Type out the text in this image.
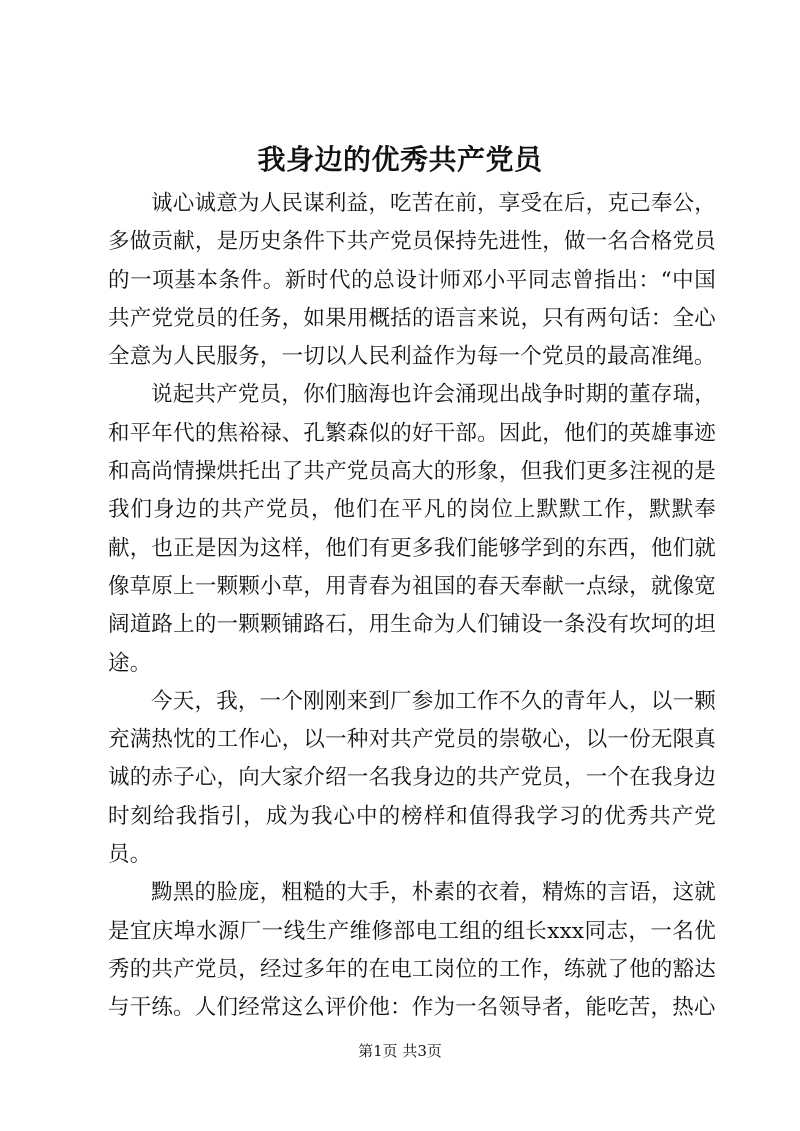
我身边的优秀共产党员

诚心诚意为人民谋利益，吃苦在前，享受在后，克己奉公，多做贡献，是历史条件下共产党员保持先进性，做一名合格党员的一项基本条件。新时代的总设计师邓小平同志曾指出：“中国共产党党员的任务，如果用概括的语言来说，只有两句话：全心全意为人民服务，一切以人民利益作为每一个党员的最高准绳。

说起共产党员，你们脑海也许会涌现出战争时期的董存瑞，和平年代的焦裕禄、孔繁森似的好干部。因此，他们的英雄事迹和高尚情操烘托出了共产党员高大的形象，但我们更多注视的是我们身边的共产党员，他们在平凡的岗位上默默工作，默默奉献，也正是因为这样，他们有更多我们能够学到的东西，他们就像草原上一颗颗小草，用青春为祖国的春天奉献一点绿，就像宽阔道路上的一颗颗铺路石，用生命为人们铺设一条没有坎坷的坦途。

今天，我，一个刚刚来到厂参加工作不久的青年人，以一颗充满热忱的工作心，以一种对共产党员的崇敬心，以一份无限真诚的赤子心，向大家介绍一名我身边的共产党员，一个在我身边时刻给我指引，成为我心中的榜样和值得我学习的优秀共产党员。

黝黑的脸庞，粗糙的大手，朴素的衣着，精炼的言语，这就是宜庆埠水源厂一线生产维修部电工组的组长xxx同志，一名优秀的共产党员，经过多年的在电工岗位的工作，练就了他的豁达与干练。人们经常这么评价他：作为一名领导者，能吃苦，热心

第1页 共3页
